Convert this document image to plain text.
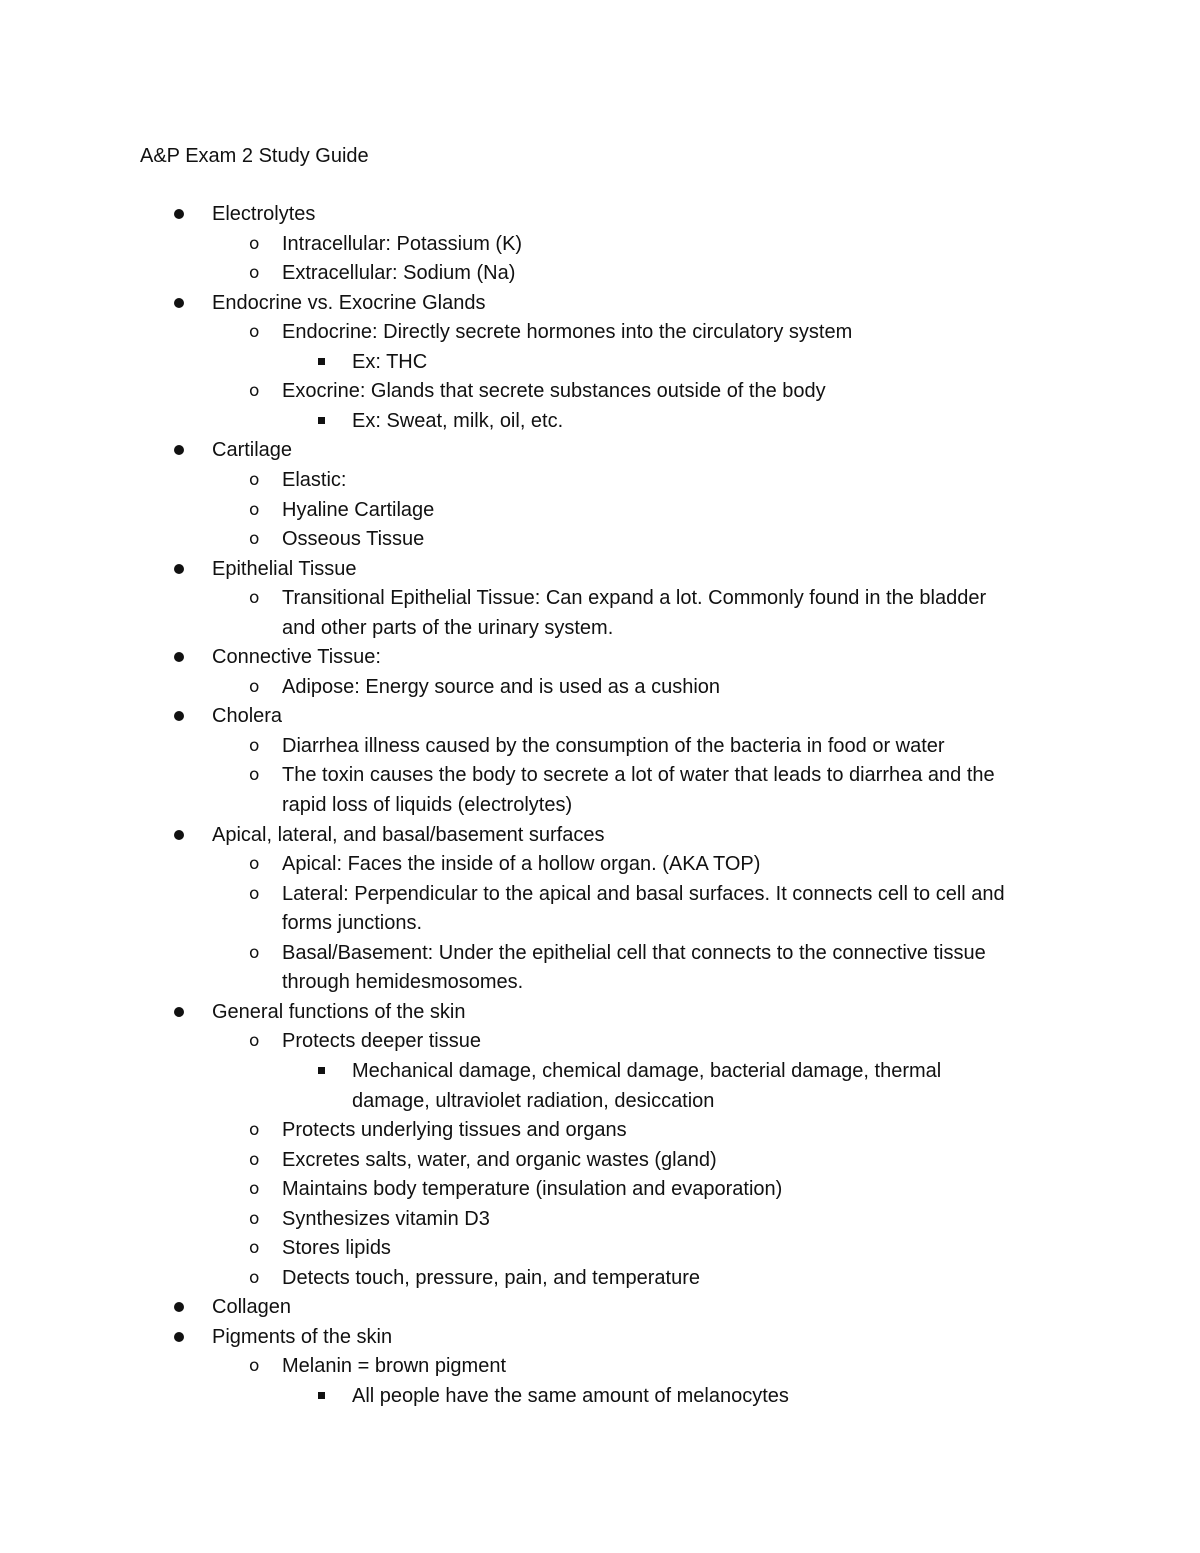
A&P Exam 2 Study Guide
Electrolytes
o Intracellular: Potassium (K)
o Extracellular: Sodium (Na)
Endocrine vs. Exocrine Glands
o Endocrine: Directly secrete hormones into the circulatory system
Ex: THC
o Exocrine: Glands that secrete substances outside of the body
Ex: Sweat, milk, oil, etc.
Cartilage
o Elastic:
o Hyaline Cartilage
o Osseous Tissue
Epithelial Tissue
o Transitional Epithelial Tissue: Can expand a lot. Commonly found in the bladder
and other parts of the urinary system.
Connective Tissue:
o Adipose: Energy source and is used as a cushion
Cholera
o Diarrhea illness caused by the consumption of the bacteria in food or water
o The toxin causes the body to secrete a lot of water that leads to diarrhea and the
rapid loss of liquids (electrolytes)
Apical, lateral, and basal/basement surfaces
o Apical: Faces the inside of a hollow organ. (AKA TOP)
o Lateral: Perpendicular to the apical and basal surfaces. It connects cell to cell and
forms junctions.
o Basal/Basement: Under the epithelial cell that connects to the connective tissue
through hemidesmosomes.
General functions of the skin
o Protects deeper tissue
Mechanical damage, chemical damage, bacterial damage, thermal
damage, ultraviolet radiation, desiccation
o Protects underlying tissues and organs
o Excretes salts, water, and organic wastes (gland)
o Maintains body temperature (insulation and evaporation)
o Synthesizes vitamin D3
o Stores lipids
o Detects touch, pressure, pain, and temperature
Collagen
Pigments of the skin
o Melanin = brown pigment
All people have the same amount of melanocytes
